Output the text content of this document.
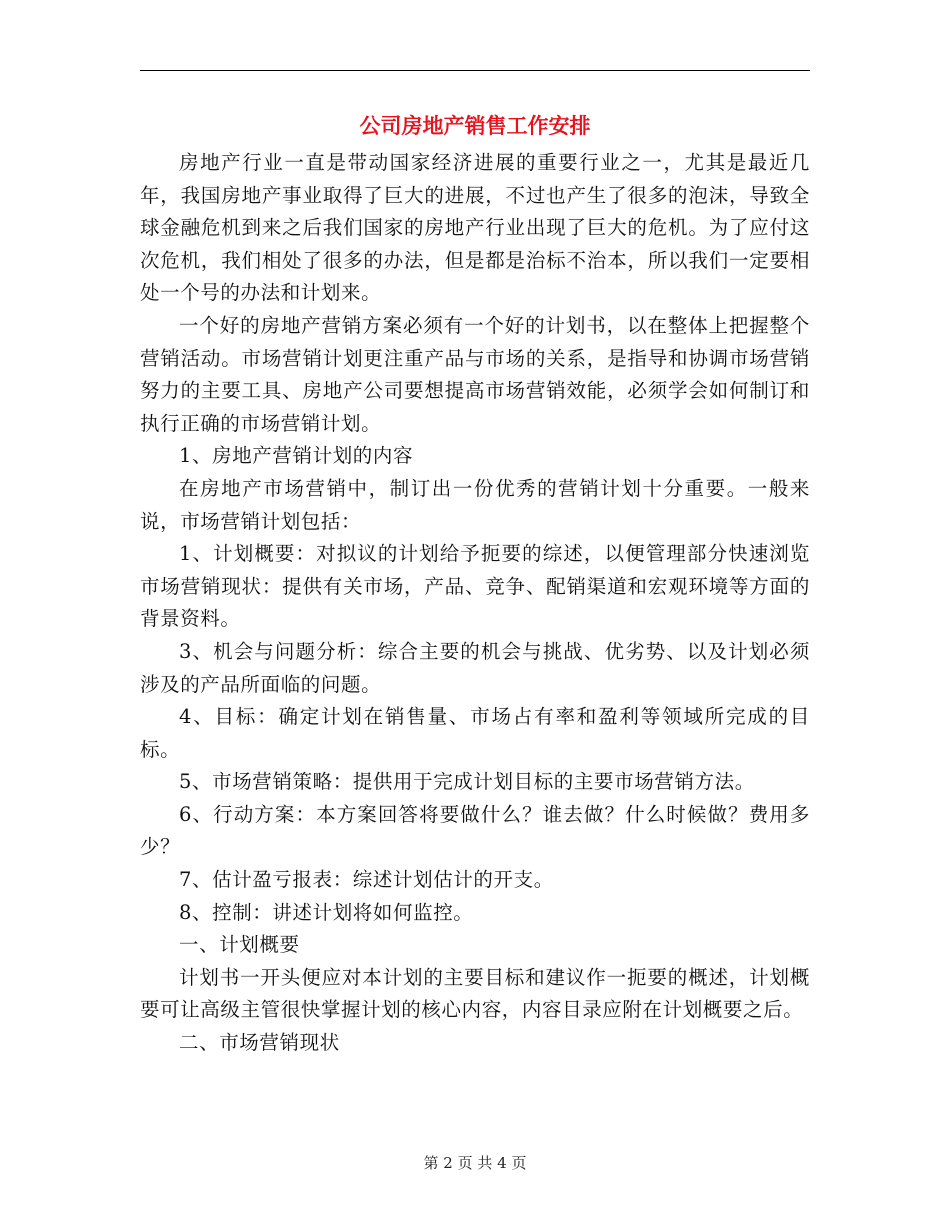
公司房地产销售工作安排

房地产行业一直是带动国家经济进展的重要行业之一，尤其是最近几年，我国房地产事业取得了巨大的进展，不过也产生了很多的泡沫，导致全球金融危机到来之后我们国家的房地产行业出现了巨大的危机。为了应付这次危机，我们相处了很多的办法，但是都是治标不治本，所以我们一定要相处一个号的办法和计划来。

一个好的房地产营销方案必须有一个好的计划书，以在整体上把握整个营销活动。市场营销计划更注重产品与市场的关系，是指导和协调市场营销努力的主要工具、房地产公司要想提高市场营销效能，必须学会如何制订和执行正确的市场营销计划。

1、房地产营销计划的内容

在房地产市场营销中，制订出一份优秀的营销计划十分重要。一般来说，市场营销计划包括：

1、计划概要：对拟议的计划给予扼要的综述，以便管理部分快速浏览市场营销现状：提供有关市场，产品、竞争、配销渠道和宏观环境等方面的背景资料。

3、机会与问题分析：综合主要的机会与挑战、优劣势、以及计划必须涉及的产品所面临的问题。

4、目标：确定计划在销售量、市场占有率和盈利等领域所完成的目标。

5、市场营销策略：提供用于完成计划目标的主要市场营销方法。

6、行动方案：本方案回答将要做什么？谁去做？什么时候做？费用多少？

7、估计盈亏报表：综述计划估计的开支。

8、控制：讲述计划将如何监控。

一、计划概要

计划书一开头便应对本计划的主要目标和建议作一扼要的概述，计划概要可让高级主管很快掌握计划的核心内容，内容目录应附在计划概要之后。

二、市场营销现状

第 2 页 共 4 页
